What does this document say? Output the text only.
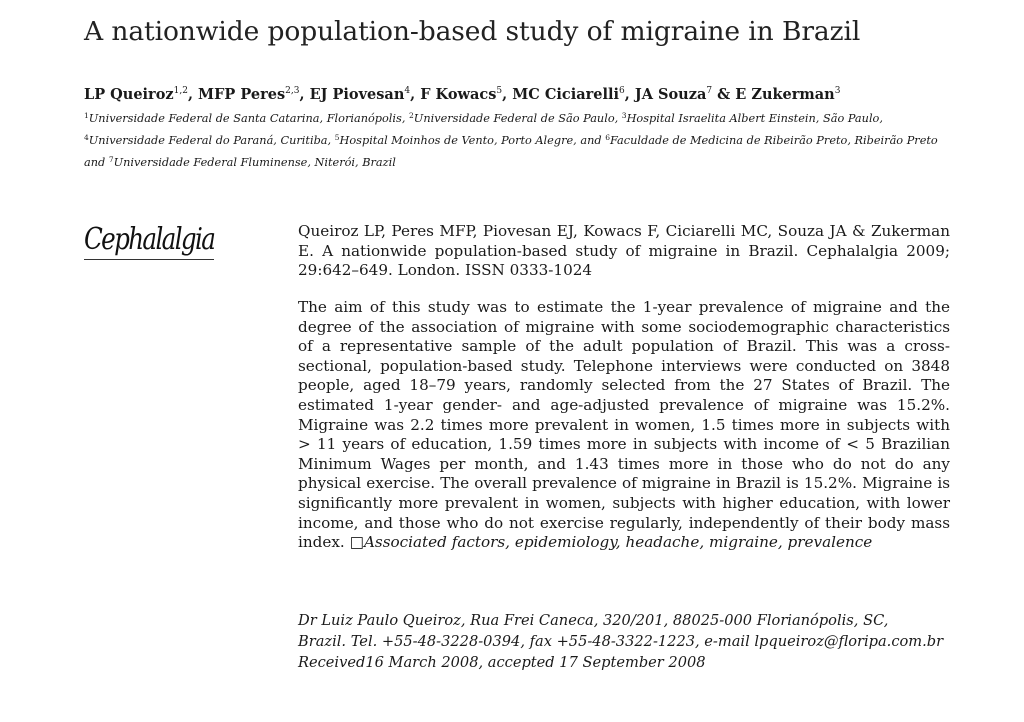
A nationwide population-based study of migraine in Brazil
LP Queiroz$^{1,2}$, MFP Peres$^{2,3}$, EJ Piovesan$^4$, F Kowacs$^5$, MC Ciciarelli$^6$, JA Souza$^7$ & E Zukerman$^3$
$^1$Universidade Federal de Santa Catarina, Florianópolis, $^2$Universidade Federal de São Paulo, $^3$Hospital Israelita Albert Einstein, São Paulo, $^4$Universidade Federal do Paraná, Curitiba, $^5$Hospital Moinhos de Vento, Porto Alegre, and $^6$Faculdade de Medicina de Ribeirão Preto, Ribeirão Preto and $^7$Universidade Federal Fluminense, Niterói, Brazil
Cephalalgia	Queiroz LP, Peres MFP, Piovesan EJ, Kowacs F, Ciciarelli MC, Souza JA & Zukerman E. A nationwide population-based study of migraine in Brazil. Cephalalgia 2009; 29:642–649. London. ISSN 0333-1024
The aim of this study was to estimate the 1-year prevalence of migraine and the degree of the association of migraine with some sociodemographic characteristics of a representative sample of the adult population of Brazil. This was a cross-sectional, population-based study. Telephone interviews were conducted on 3848 people, aged 18–79 years, randomly selected from the 27 States of Brazil. The estimated 1-year gender- and age-adjusted prevalence of migraine was 15.2%. Migraine was 2.2 times more prevalent in women, 1.5 times more in subjects with > 11 years of education, 1.59 times more in subjects with income of < 5 Brazilian Minimum Wages per month, and 1.43 times more in those who do not do any physical exercise. The overall prevalence of migraine in Brazil is 15.2%. Migraine is significantly more prevalent in women, subjects with higher education, with lower income, and those who do not exercise regularly, independently of their body mass index. □Associated factors, epidemiology, headache, migraine, prevalence
Dr Luiz Paulo Queiroz, Rua Frei Caneca, 320/201, 88025-000 Florianópolis, SC,
Brazil. Tel. +55-48-3228-0394, fax +55-48-3322-1223, e-mail lpqueiroz@floripa.com.br
Received16 March 2008, accepted 17 September 2008
